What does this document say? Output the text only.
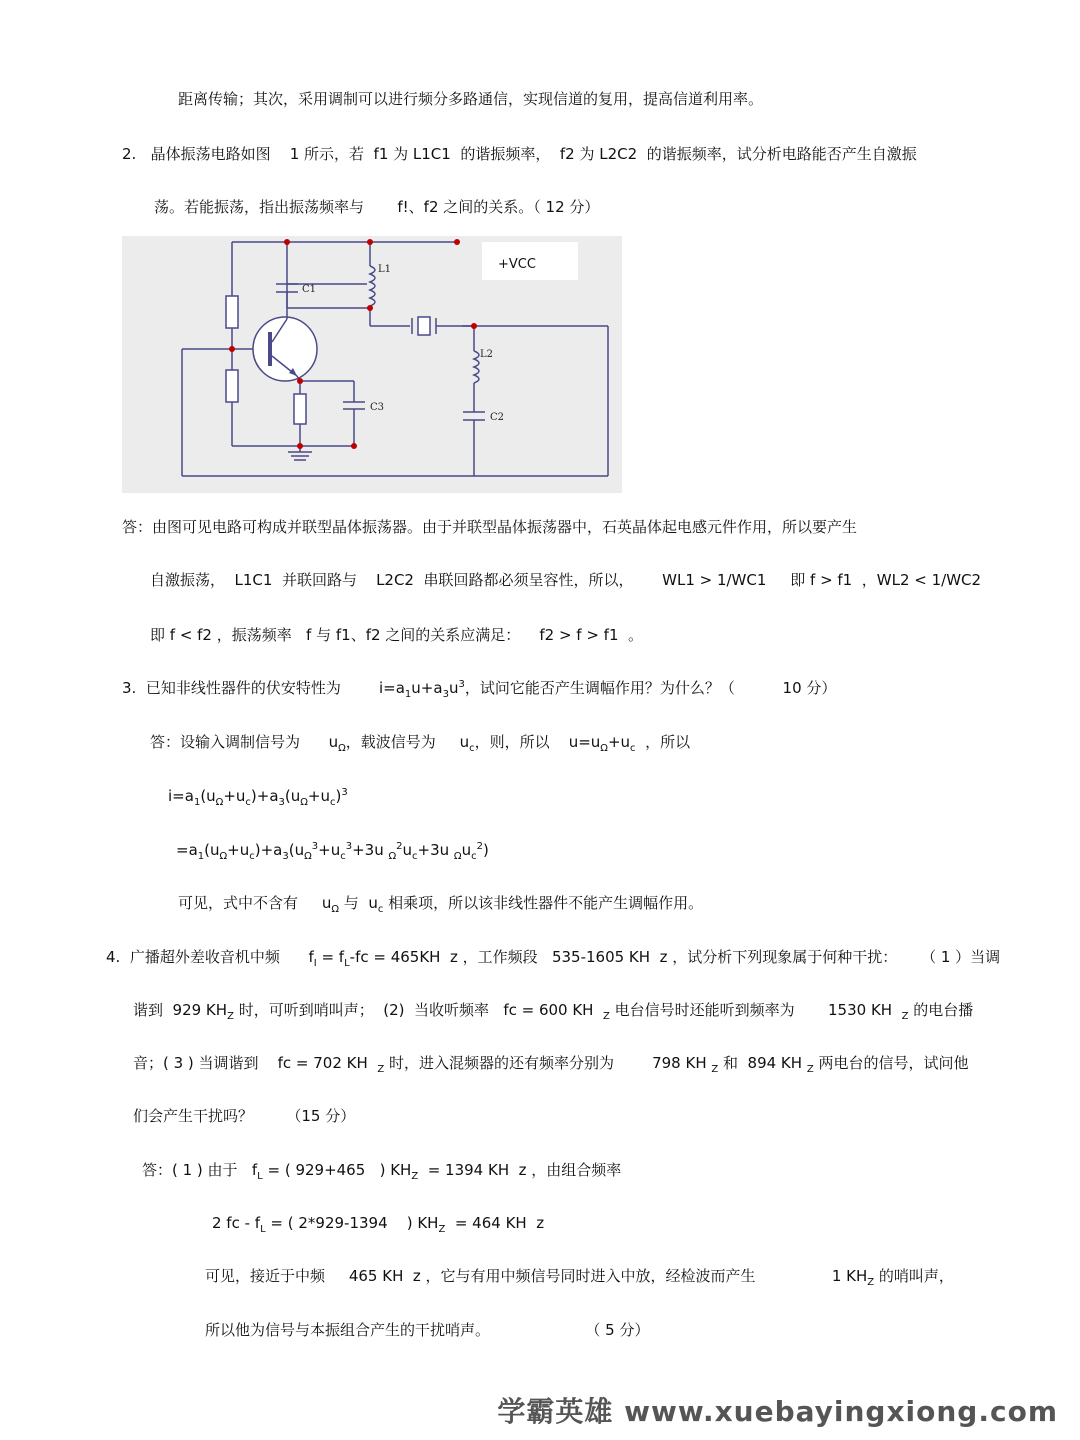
距离传输；其次，采用调制可以进行频分多路通信，实现信道的复用，提高信道利用率。
2.   晶体振荡电路如图    1 所示，若  f1 为 L1C1  的谐振频率，  f2 为 L2C2  的谐振频率，试分析电路能否产生自激振
荡。若能振荡，指出振荡频率与       f!、f2 之间的关系。（ 12 分）
+VCC
L1
C1
L2
C2
C3
答：由图可见电路可构成并联型晶体振荡器。由于并联型晶体振荡器中，石英晶体起电感元件作用，所以要产生
自激振荡，  L1C1  并联回路与    L2C2  串联回路都必须呈容性，所以，      WL1 > 1/WC1     即 f > f1  ，WL2 < 1/WC2
即 f < f2 ，振荡频率   f 与 f1、f2 之间的关系应满足：    f2 > f > f1  。
3.  已知非线性器件的伏安特性为        $i=a_1u+a_3u^3$，试问它能否产生调幅作用？为什么？（          10 分）
答：设输入调制信号为      $u_\Omega$，载波信号为     $u_c$，则，所以    $u=u_\Omega+u_c$  ，所以
$i=a_1(u_\Omega+u_c)+a_3(u_\Omega+u_c)^3$
$=a_1(u_\Omega+u_c)+a_3(u_\Omega^3+u_c^3+3u$ $_\Omega^2u_c+3u$ $_\Omega u_c^2$)
可见，式中不含有     $u_\Omega$ 与  $u_c$ 相乘项，所以该非线性器件不能产生调幅作用。
4.  广播超外差收音机中频      $f_I = f_L-fc = 465KH$  z ，工作频段   535-1605 KH  z ，试分析下列现象属于何种干扰：     （ 1 ）当调
谐到  929 $KH_Z$ 时，可听到哨叫声；  (2)  当收听频率   fc = 600 KH  $_Z$ 电台信号时还能听到频率为       1530 KH  $_Z$ 的电台播
音；( 3 ) 当调谐到    fc = 702 KH  $_Z$ 时，进入混频器的还有频率分别为        798 KH $_Z$ 和  894 KH $_Z$ 两电台的信号，试问他
们会产生干扰吗？       （15 分）
答：( 1 ) 由于   $f_L$ = ( 929+465   ) $KH_Z = 1394$ KH  z ，由组合频率
2 fc - $f_L$ = ( 2*929-1394    ) $KH_Z = 464$ KH  z
可见，接近于中频     465 KH  z ，它与有用中频信号同时进入中放，经检波而产生                1 $KH_Z$ 的哨叫声，
所以他为信号与本振组合产生的干扰哨声。                    （ 5 分）
学霸英雄 www.xuebayingxiong.com
